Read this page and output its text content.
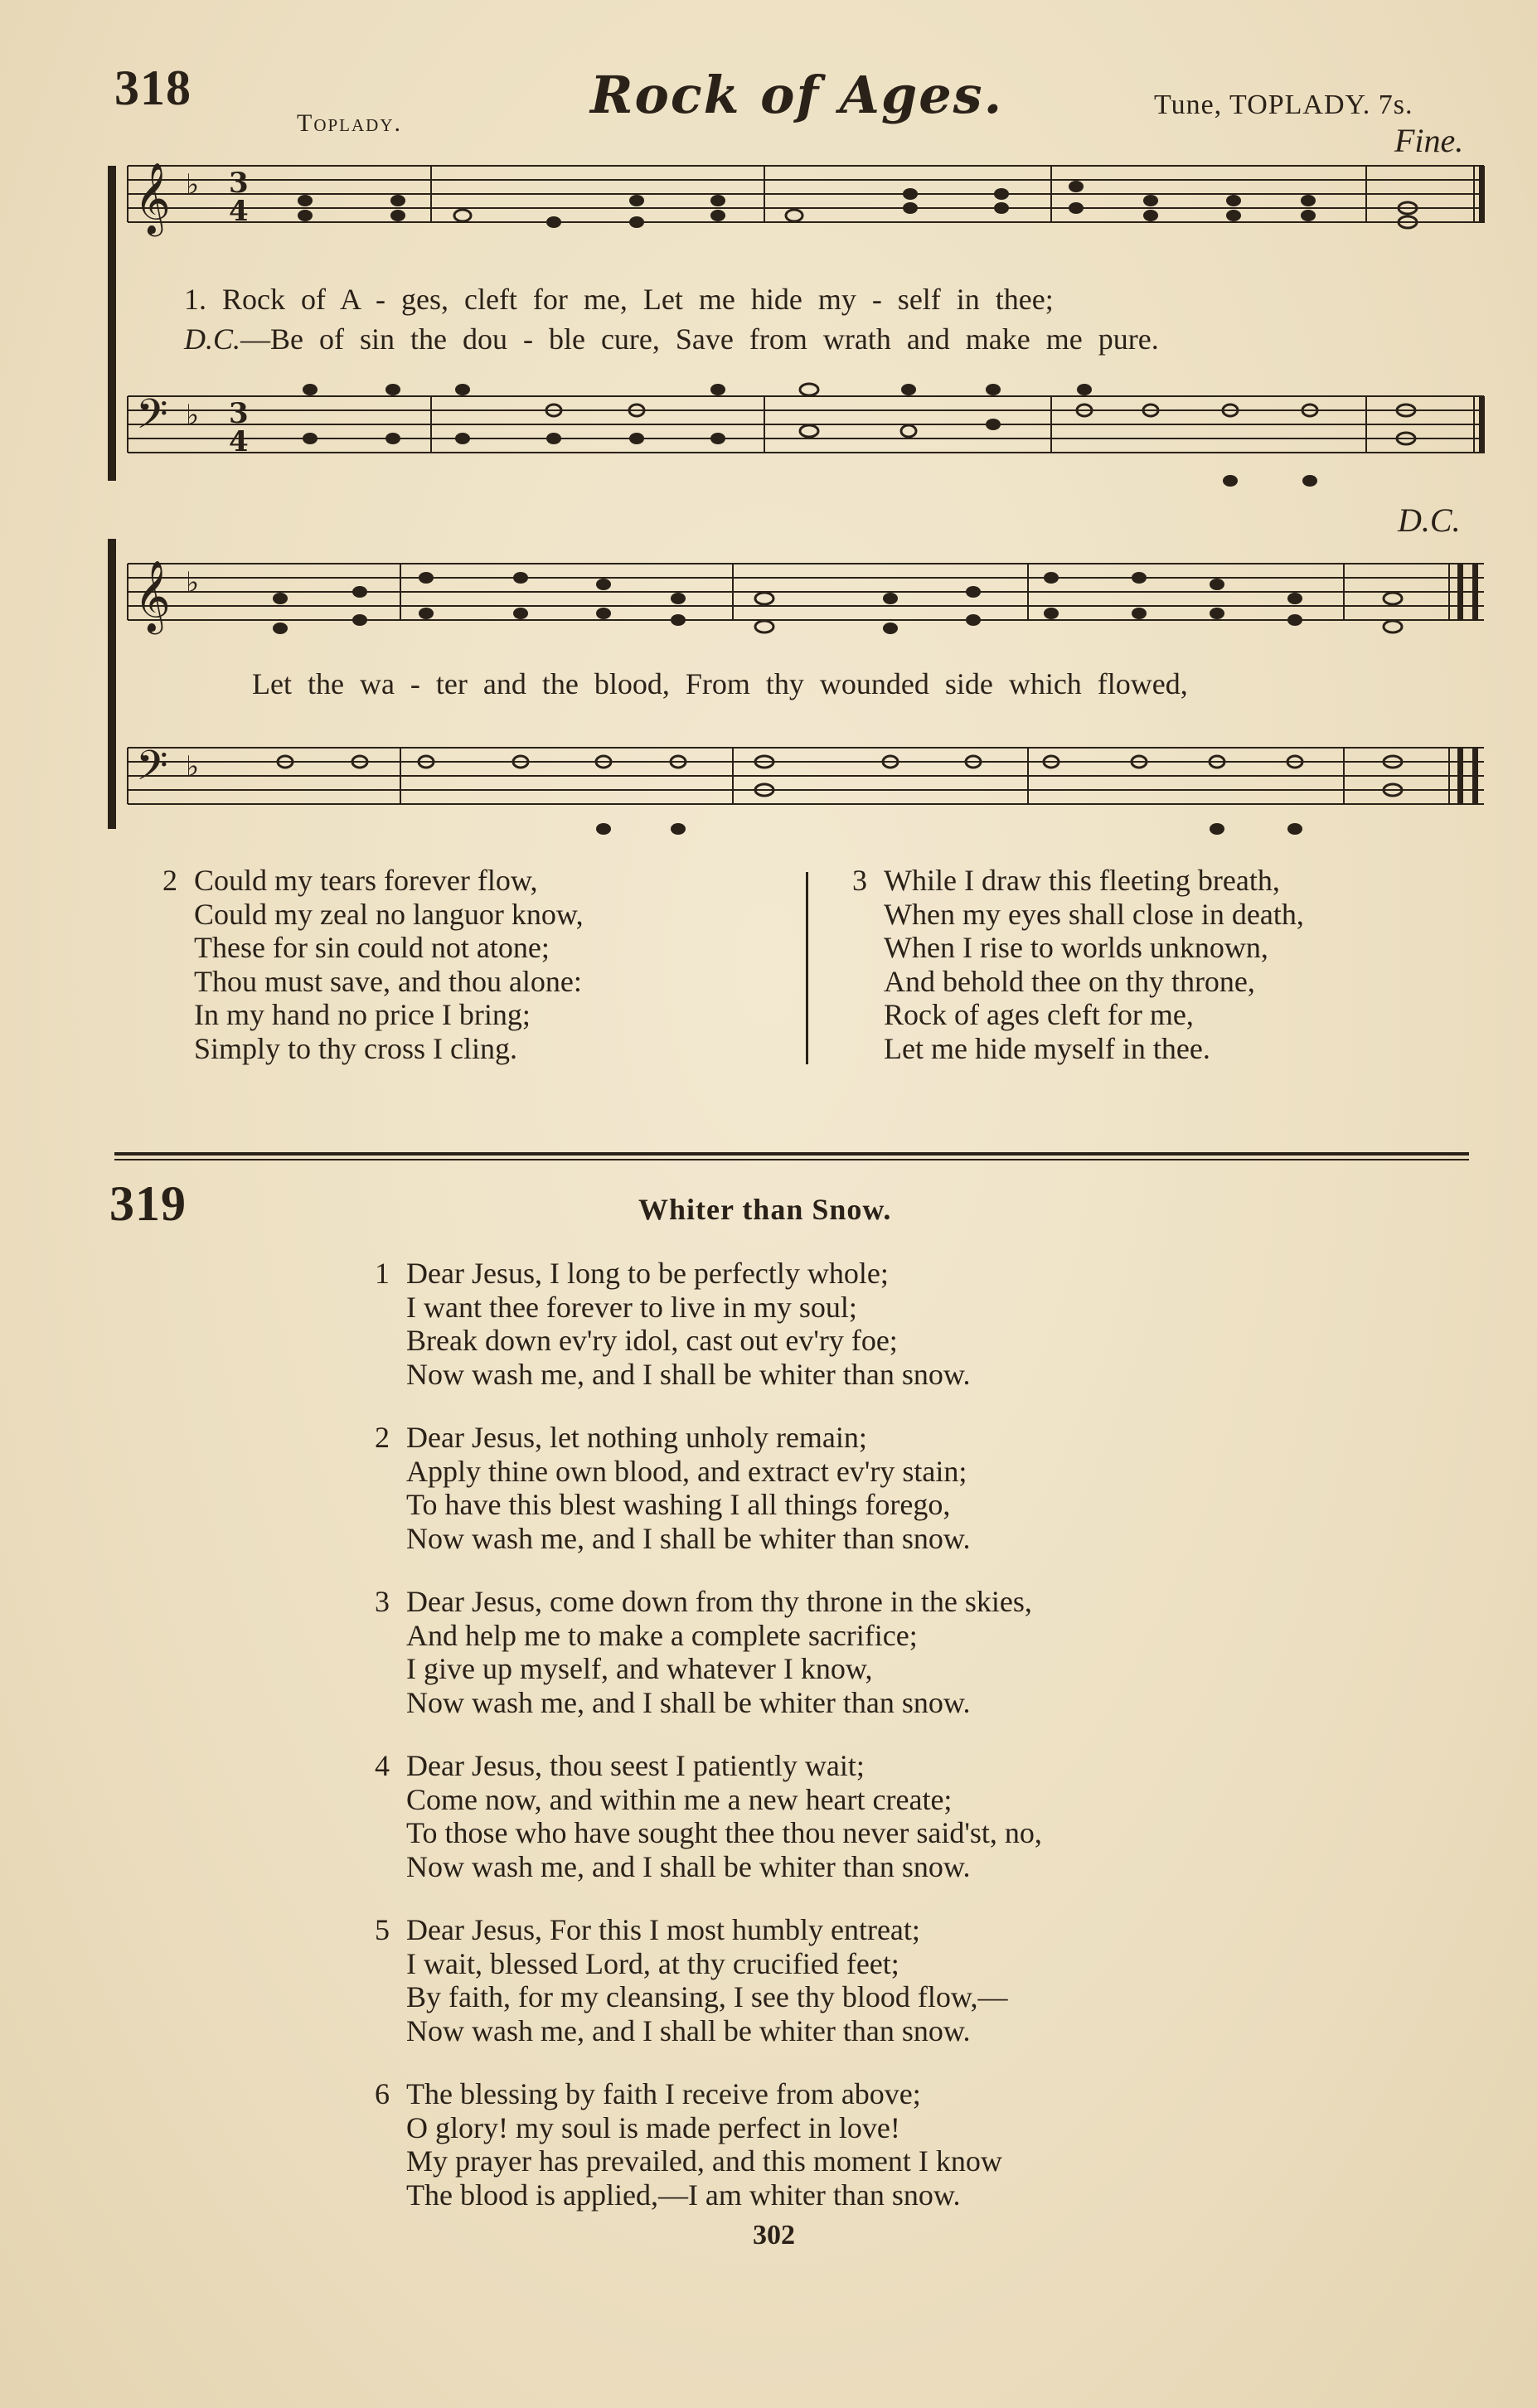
318
Toplady.	Rock of Ages.	Tune, TOPLADY. 7s.
Fine.
𝄞 ♭ 3
4
𝄢 ♭ 3
4
1. Rock of A - ges, cleft for me, Let me hide my - self in thee;
D.C.—Be of sin the dou - ble cure, Save from wrath and make me pure.
D.C.
𝄞 ♭
𝄢 ♭
Let the wa - ter and the blood, From thy wounded side which flowed,
2 Could my tears forever flow,
Could my zeal no languor know,
These for sin could not atone;
Thou must save, and thou alone:
In my hand no price I bring;
Simply to thy cross I cling.
3 While I draw this fleeting breath,
When my eyes shall close in death,
When I rise to worlds unknown,
And behold thee on thy throne,
Rock of ages cleft for me,
Let me hide myself in thee.
319	Whiter than Snow.
1 Dear Jesus, I long to be perfectly whole;
I want thee forever to live in my soul;
Break down ev'ry idol, cast out ev'ry foe;
Now wash me, and I shall be whiter than snow.
2 Dear Jesus, let nothing unholy remain;
Apply thine own blood, and extract ev'ry stain;
To have this blest washing I all things forego,
Now wash me, and I shall be whiter than snow.
3 Dear Jesus, come down from thy throne in the skies,
And help me to make a complete sacrifice;
I give up myself, and whatever I know,
Now wash me, and I shall be whiter than snow.
4 Dear Jesus, thou seest I patiently wait;
Come now, and within me a new heart create;
To those who have sought thee thou never said'st, no,
Now wash me, and I shall be whiter than snow.
5 Dear Jesus, For this I most humbly entreat;
I wait, blessed Lord, at thy crucified feet;
By faith, for my cleansing, I see thy blood flow,—
Now wash me, and I shall be whiter than snow.
6 The blessing by faith I receive from above;
O glory! my soul is made perfect in love!
My prayer has prevailed, and this moment I know
The blood is applied,—I am whiter than snow.
302
